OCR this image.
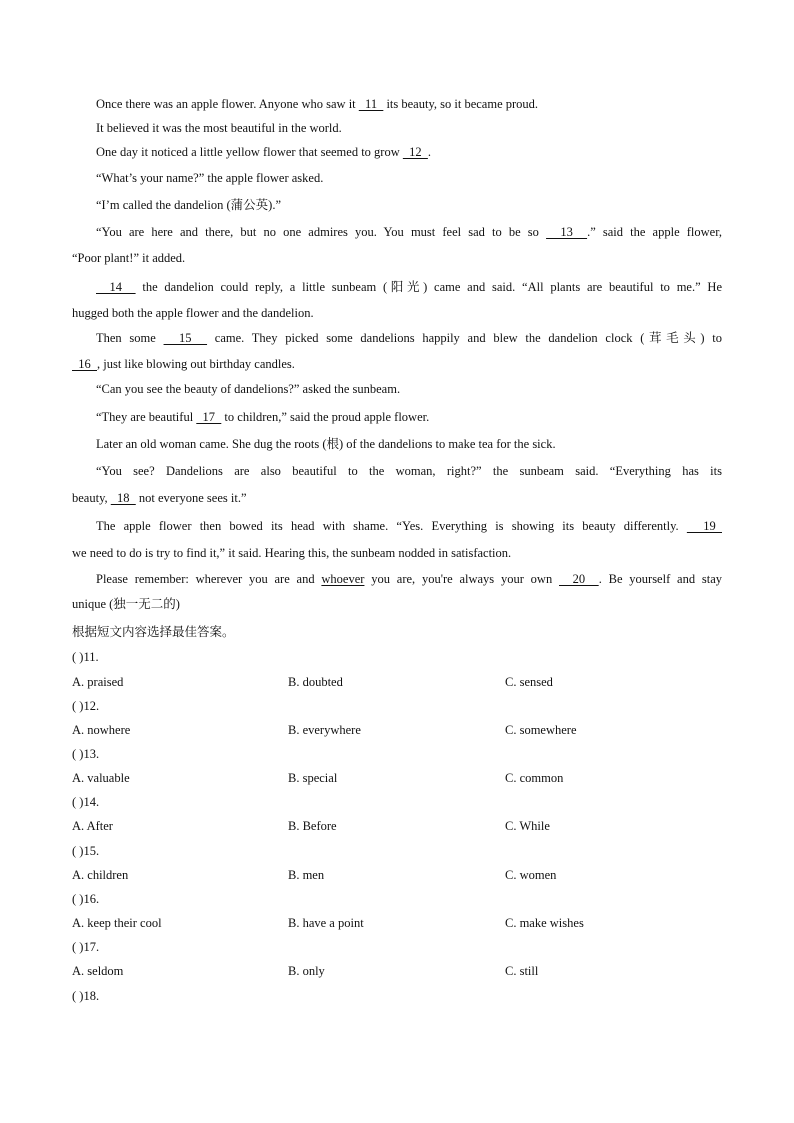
Once there was an apple flower. Anyone who saw it   11   its beauty, so it became proud.

It believed it was the most beautiful in the world.

One day it noticed a little yellow flower that seemed to grow   12  .

“What’s your name?” the apple flower asked.

“I’m called the dandelion (蒲公英).”

“You are here and there, but no one admires you. You must feel sad to be so   13  .” said the apple flower,

“Poor plant!” it added.

14   the dandelion could reply, a little sunbeam (阳光) came and said. “All plants are beautiful to me.” He

hugged both the apple flower and the dandelion.

Then some   15   came. They picked some dandelions happily and blew the dandelion clock (茸毛头) to

16  , just like blowing out birthday candles.

“Can you see the beauty of dandelions?” asked the sunbeam.

“They are beautiful   17   to children,” said the proud apple flower.

Later an old woman came. She dug the roots (根) of the dandelions to make tea for the sick.

“You see? Dandelions are also beautiful to the woman, right?” the sunbeam said. “Everything has its

beauty,   18   not everyone sees it.”

The apple flower then bowed its head with shame. “Yes. Everything is showing its beauty differently.   19

we need to do is try to find it,” it said. Hearing this, the sunbeam nodded in satisfaction.

Please remember: wherever you are and whoever you are, you're always your own   20  . Be yourself and stay

unique (独一无二的)

根据短文内容选择最佳答案。
( )11.
A. praised	B. doubted	C. sensed
( )12.
A. nowhere	B. everywhere	C. somewhere
( )13.
A. valuable	B. special	C. common
( )14.
A. After	B. Before	C. While
( )15.
A. children	B. men	C. women
( )16.
A. keep their cool	B. have a point	C. make wishes
( )17.
A. seldom	B. only	C. still
( )18.
